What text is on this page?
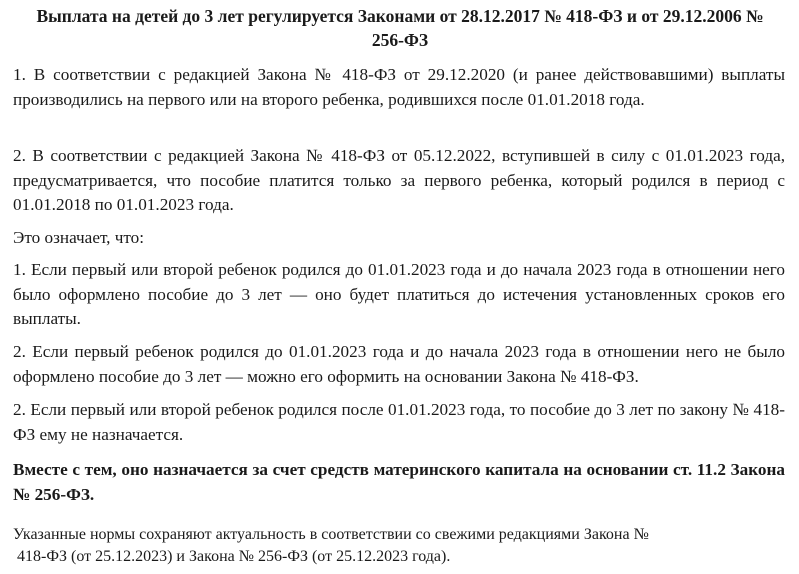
Выплата на детей до 3 лет регулируется Законами от 28.12.2017 № 418-ФЗ и от 29.12.2006 № 256-ФЗ

1. В соответствии с редакцией Закона № 418-ФЗ от 29.12.2020 (и ранее действовавшими) выплаты производились на первого или на второго ребенка, родившихся после 01.01.2018 года.

2. В соответствии с редакцией Закона № 418-ФЗ от 05.12.2022, вступившей в силу с 01.01.2023 года, предусматривается, что пособие платится только за первого ребенка, который родился в период с 01.01.2018 по 01.01.2023 года.

Это означает, что:

1. Если первый или второй ребенок родился до 01.01.2023 года и до начала 2023 года в отношении него было оформлено пособие до 3 лет — оно будет платиться до истечения установленных сроков его выплаты.

2. Если первый ребенок родился до 01.01.2023 года и до начала 2023 года в отношении него не было оформлено пособие до 3 лет — можно его оформить на основании Закона № 418-ФЗ.

2. Если первый или второй ребенок родился после 01.01.2023 года, то пособие до 3 лет по закону № 418-ФЗ ему не назначается.

Вместе с тем, оно назначается за счет средств материнского капитала на основании ст. 11.2 Закона № 256-ФЗ.

Указанные нормы сохраняют актуальность в соответствии со свежими редакциями Закона №

418-ФЗ (от 25.12.2023) и Закона № 256-ФЗ (от 25.12.2023 года).
